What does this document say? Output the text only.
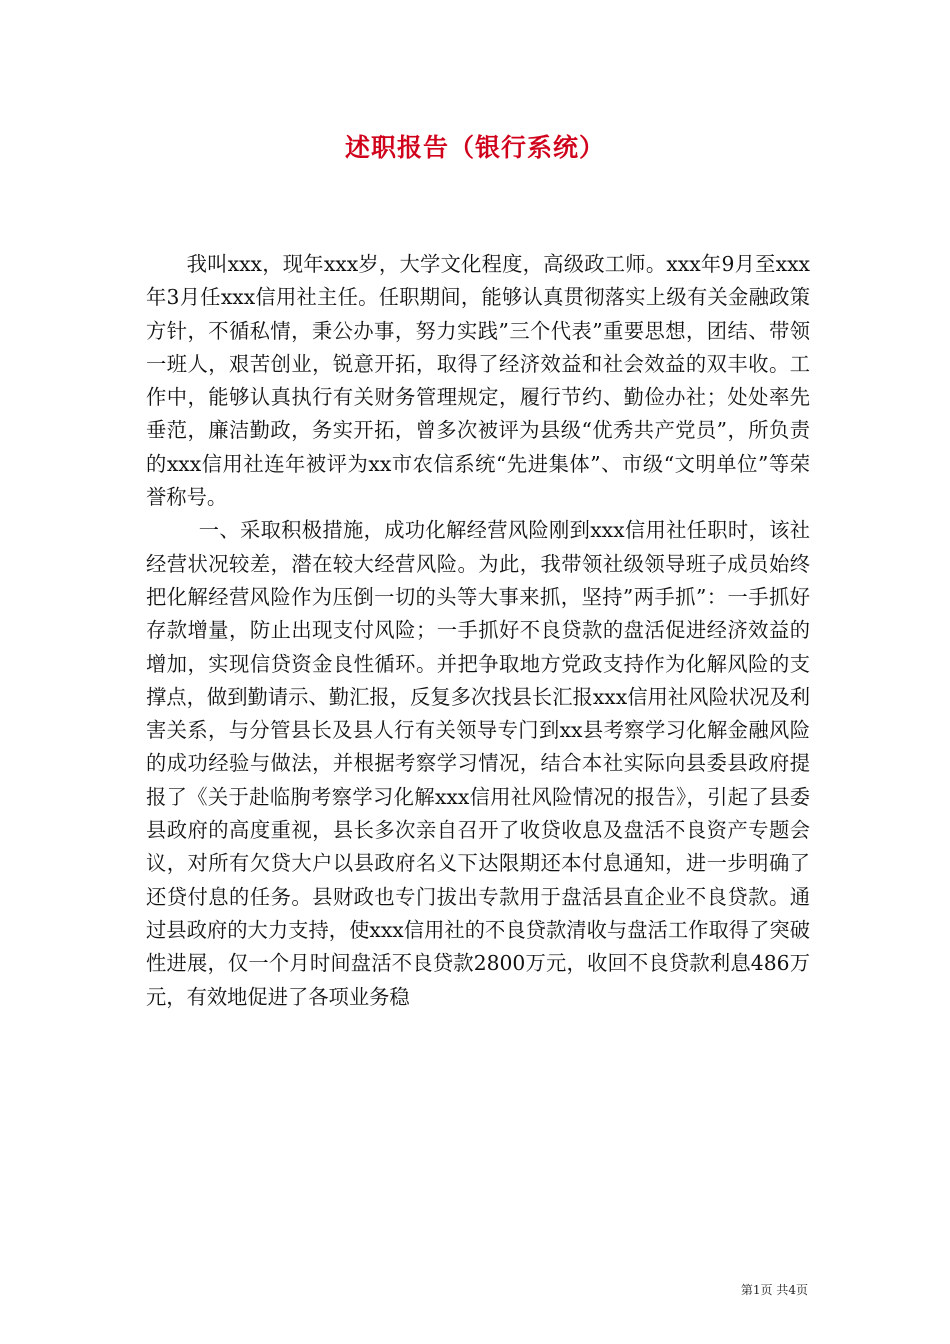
述职报告（银行系统）

我叫xxx，现年xxx岁，大学文化程度，高级政工师。xxx年9月至xxx年3月任xxx信用社主任。任职期间，能够认真贯彻落实上级有关金融政策方针，不循私情，秉公办事，努力实践”三个代表”重要思想，团结、带领一班人，艰苦创业，锐意开拓，取得了经济效益和社会效益的双丰收。工作中，能够认真执行有关财务管理规定，履行节约、勤俭办社；处处率先垂范，廉洁勤政，务实开拓，曾多次被评为县级“优秀共产党员”，所负责的xxx信用社连年被评为xx市农信系统“先进集体”、市级“文明单位”等荣誉称号。

一、采取积极措施，成功化解经营风险刚到xxx信用社任职时，该社经营状况较差，潜在较大经营风险。为此，我带领社级领导班子成员始终把化解经营风险作为压倒一切的头等大事来抓，坚持”两手抓”：一手抓好存款增量，防止出现支付风险；一手抓好不良贷款的盘活促进经济效益的增加，实现信贷资金良性循环。并把争取地方党政支持作为化解风险的支撑点，做到勤请示、勤汇报，反复多次找县长汇报xxx信用社风险状况及利害关系，与分管县长及县人行有关领导专门到xx县考察学习化解金融风险的成功经验与做法，并根据考察学习情况，结合本社实际向县委县政府提报了《关于赴临朐考察学习化解xxx信用社风险情况的报告》，引起了县委县政府的高度重视，县长多次亲自召开了收贷收息及盘活不良资产专题会议，对所有欠贷大户以县政府名义下达限期还本付息通知，进一步明确了还贷付息的任务。县财政也专门拔出专款用于盘活县直企业不良贷款。通过县政府的大力支持，使xxx信用社的不良贷款清收与盘活工作取得了突破性进展，仅一个月时间盘活不良贷款2800万元，收回不良贷款利息486万元，有效地促进了各项业务稳

第1页 共4页
